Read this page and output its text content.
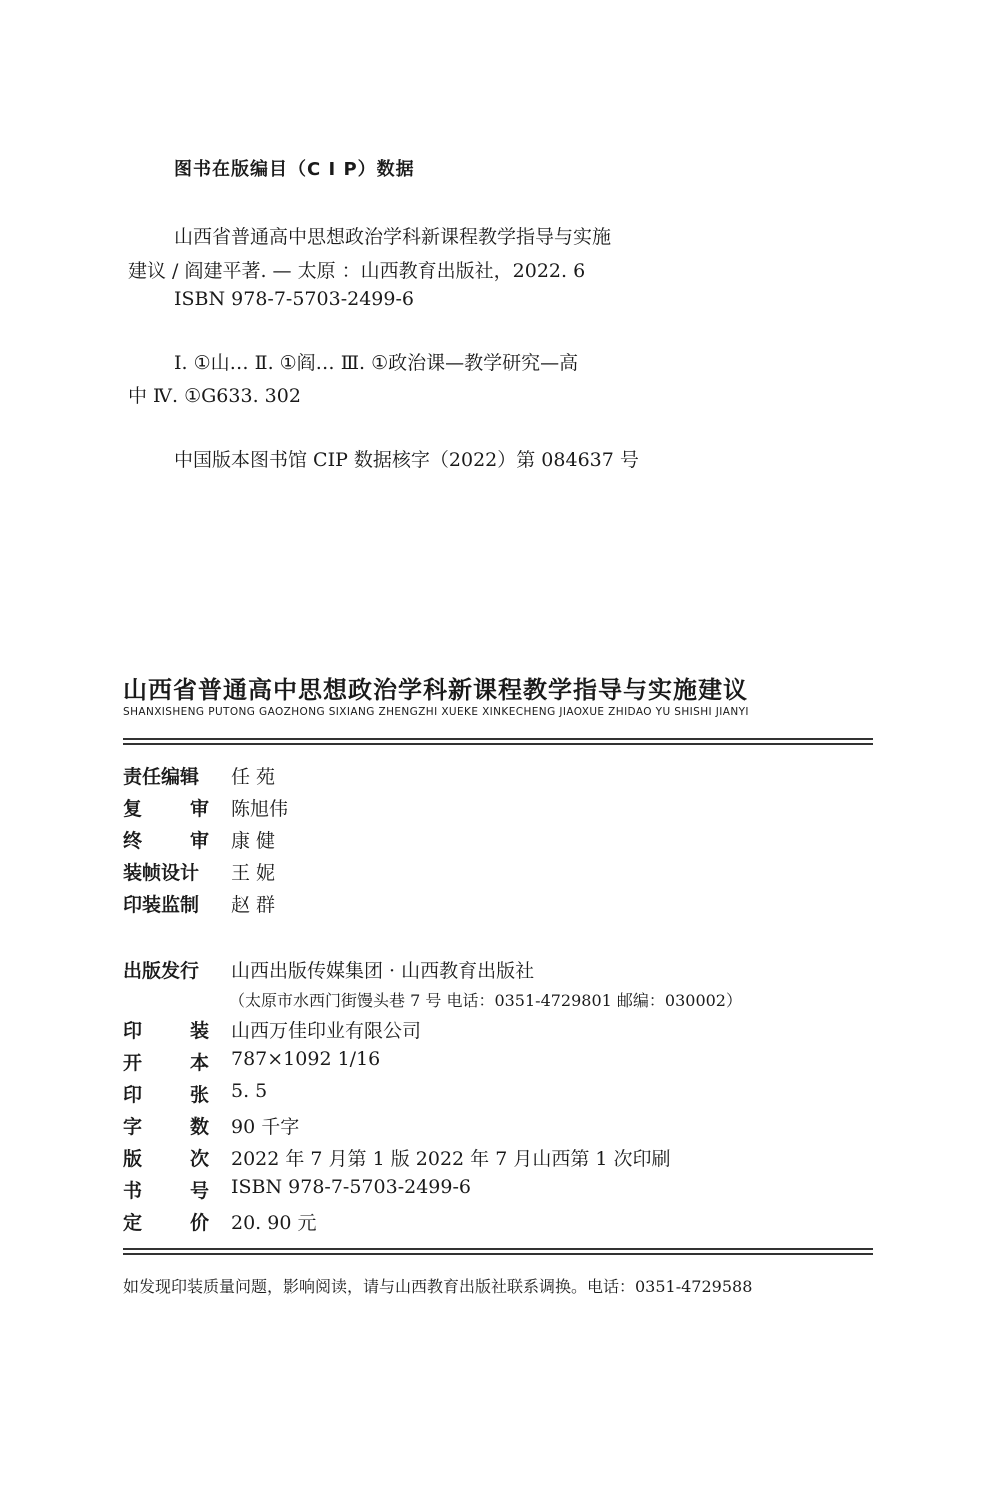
图书在版编目（C I P）数据
山西省普通高中思想政治学科新课程教学指导与实施
建议 / 阎建平著. — 太原 ：山西教育出版社，2022. 6
ISBN 978-7-5703-2499-6
Ⅰ. ①山… Ⅱ. ①阎… Ⅲ. ①政治课—教学研究—高
中 Ⅳ. ①G633. 302
中国版本图书馆 CIP 数据核字（2022）第 084637 号
山西省普通高中思想政治学科新课程教学指导与实施建议
SHANXISHENG PUTONG GAOZHONG SIXIANG ZHENGZHI XUEKE XINKECHENG JIAOXUE ZHIDAO YU SHISHI JIANYI
责任编辑 任 苑
复	审 陈旭伟
终	审 康 健
装帧设计 王 妮
印装监制 赵 群
出版发行 山西出版传媒集团 · 山西教育出版社
（太原市水西门街馒头巷 7 号 电话：0351-4729801 邮编：030002）
印	装 山西万佳印业有限公司
开	本 787×1092 1/16
印	张 5. 5
字	数 90 千字
版	次 2022 年 7 月第 1 版 2022 年 7 月山西第 1 次印刷
书	号 ISBN 978-7-5703-2499-6
定	价 20. 90 元
如发现印装质量问题，影响阅读，请与山西教育出版社联系调换。电话：0351-4729588
